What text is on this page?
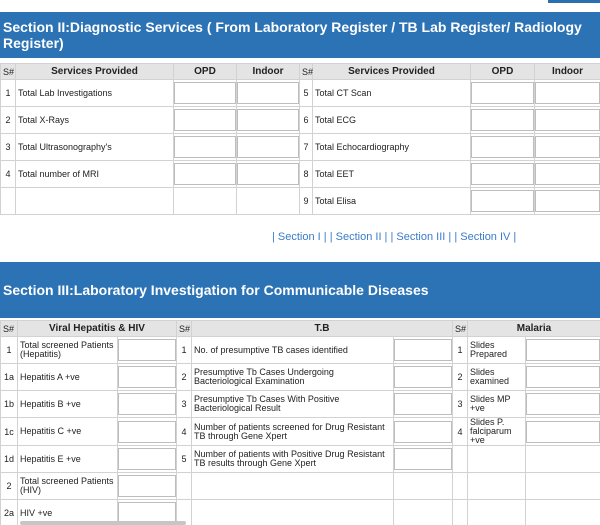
Section II:Diagnostic Services ( From Laboratory Register / TB Lab Register/ Radiology Register)
S#	Services Provided	OPD	Indoor	S#	Services Provided	OPD	Indoor
1	Total Lab Investigations			5	Total CT Scan	

2	Total X-Rays			6	Total ECG	

3	Total Ultrasonography's			7	Total Echocardiography	

4	Total number of MRI			8	Total EET	

				9	Total Elisa	

| Section I | | Section II | | Section III | | Section IV |
Section III:Laboratory Investigation for Communicable Diseases
S#	Viral Hepatitis & HIV		S#	T.B		S#	Malaria	
1	Total screened Patients (Hepatitis)		1	No. of presumptive TB cases identified		1	Slides Prepared	

1a	Hepatitis A +ve		2	Presumptive Tb Cases Undergoing Bacteriological Examination		2	Slides examined	

1b	Hepatitis B +ve		3	Presumptive Tb Cases With Positive Bacteriological Result		3	Slides MP +ve	

1c	Hepatitis C +ve		4	Number of patients screened for Drug Resistant TB through Gene Xpert		4	Slides P. falciparum +ve	

1d	Hepatitis E +ve		5	Number of patients with Positive Drug Resistant TB results through Gene Xpert	

2	Total screened Patients (HIV)	

2a	HIV +ve	
